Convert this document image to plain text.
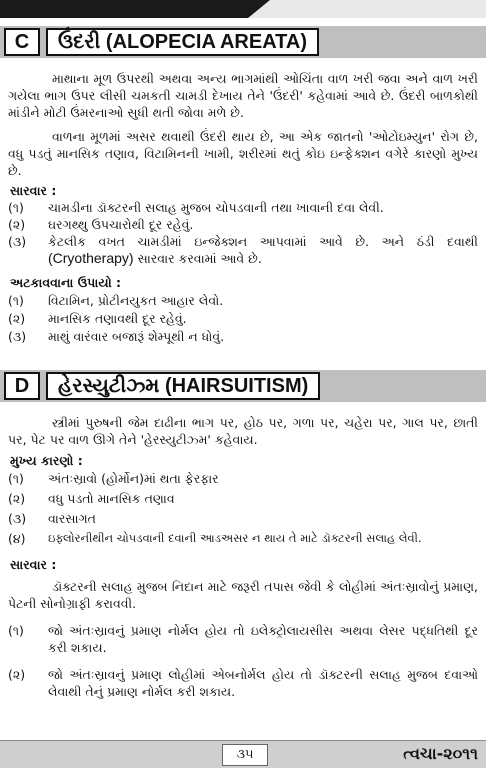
C	ઉંદરી (ALOPECIA AREATA)
માથાના મૂળ ઉપરથી અથવા અન્ય ભાગમાંથી ઓચિંતા વાળ ખરી જવા અને વાળ ખરી ગયેલા ભાગ ઉપર લીસી ચમકતી ચામડી દેખાય તેને 'ઉંદરી' કહેવામાં આવે છે. ઉંદરી બાળકોથી માંડીને મોટી ઉંમરનાઓ સુધી થતી જોવા મળે છે.
વાળના મૂળમાં અસર થવાથી ઉંદરી થાય છે, આ એક જાતનો 'ઓટોઇમ્યુન' રોગ છે, વધુ પડતું માનસિક તણાવ, વિટામિનની ખામી, શરીરમાં થતું કોઇ ઇન્ફેક્શન વગેરે કારણો મુખ્ય છે.
સારવાર :
(૧)	ચામડીના ડૉક્ટરની સલાહ મુજબ ચોપડવાની તથા ખાવાની દવા લેવી.
(૨)	ઘરગથ્થુ ઉપચારોથી દૂર રહેવું.
(૩)	કેટલીક વખત ચામડીમાં ઇન્જેક્શન આપવામાં આવે છે. અને ઠંડી દવાથી (Cryotherapy) સારવાર કરવામાં આવે છે.
અટકાવવાના ઉપાયો :
(૧)	વિટામિન, પ્રોટીનયુકત આહાર લેવો.
(૨)	માનસિક તણાવથી દૂર રહેવું.
(૩)	માથું વારંવાર બજારૂં શેમ્પૂથી ન ધોવું.
D	હેરસ્યુટીઝ્મ (HAIRSUITISM)
સ્ત્રીમાં પુરુષની જેમ દાઢીના ભાગ પર, હોઠ પર, ગળા પર, ચહેરા પર, ગાલ પર, છાતી પર, પેટ પર વાળ ઊગે તેને 'હેરસ્યુટીઝ્મ' કહેવાય.
મુખ્ય કારણો :
(૧)	અંતઃસ્રાવો (હોર્મોન)માં થતા ફેરફાર
(૨)	વધુ પડતો માનસિક તણાવ
(૩)	વારસાગત
(૪)	ઇફ્લોરનીથીન ચોપડવાની દવાની આડઅસર ન થાય તે માટે ડૉક્ટરની સલાહ લેવી.
સારવાર :
ડૉક્ટરની સલાહ મુજબ નિદાન માટે જરૂરી તપાસ જેવી કે લોહીમાં અંતઃસ્રાવોનું પ્રમાણ, પેટની સોનોગ્રાફી કરાવવી.
(૧)	જો અંતઃસ્રાવનું પ્રમાણ નોર્મલ હોય તો ઇલેક્ટ્રોલાયસીસ અથવા લેસર પદ્ધતિથી દૂર કરી શકાય.
(૨)	જો અંતઃસ્રાવનું પ્રમાણ લોહીમાં એબનોર્મલ હોય તો ડૉક્ટરની સલાહ મુજબ દવાઓ લેવાથી તેનું પ્રમાણ નોર્મલ કરી શકાય.
૩૫	ત્વચા-૨૦૧૧
